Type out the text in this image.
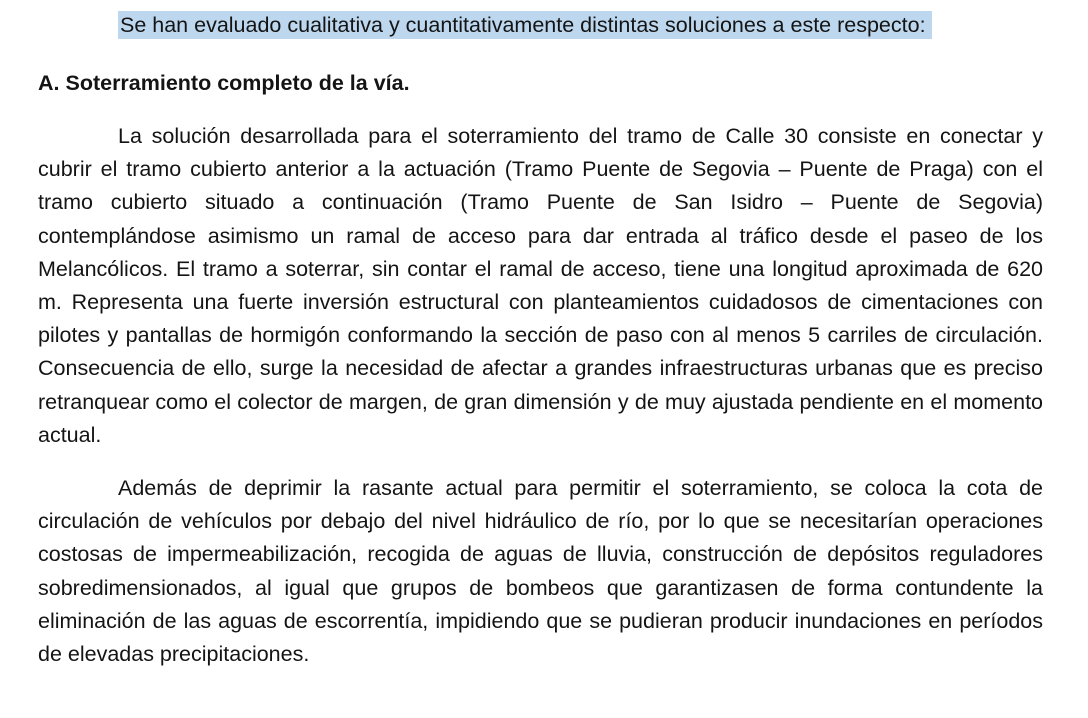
Se han evaluado cualitativa y cuantitativamente distintas soluciones a este respecto:

A. Soterramiento completo de la vía.

La solución desarrollada para el soterramiento del tramo de Calle 30 consiste en conectar y cubrir el tramo cubierto anterior a la actuación (Tramo Puente de Segovia – Puente de Praga) con el tramo cubierto situado a continuación (Tramo Puente de San Isidro – Puente de Segovia) contemplándose asimismo un ramal de acceso para dar entrada al tráfico desde el paseo de los Melancólicos. El tramo a soterrar, sin contar el ramal de acceso, tiene una longitud aproximada de 620 m. Representa una fuerte inversión estructural con planteamientos cuidadosos de cimentaciones con pilotes y pantallas de hormigón conformando la sección de paso con al menos 5 carriles de circulación. Consecuencia de ello, surge la necesidad de afectar a grandes infraestructuras urbanas que es preciso retranquear como el colector de margen, de gran dimensión y de muy ajustada pendiente en el momento actual.

Además de deprimir la rasante actual para permitir el soterramiento, se coloca la cota de circulación de vehículos por debajo del nivel hidráulico de río, por lo que se necesitarían operaciones costosas de impermeabilización, recogida de aguas de lluvia, construcción de depósitos reguladores sobredimensionados, al igual que grupos de bombeos que garantizasen de forma contundente la eliminación de las aguas de escorrentía, impidiendo que se pudieran producir inundaciones en períodos de elevadas precipitaciones.
